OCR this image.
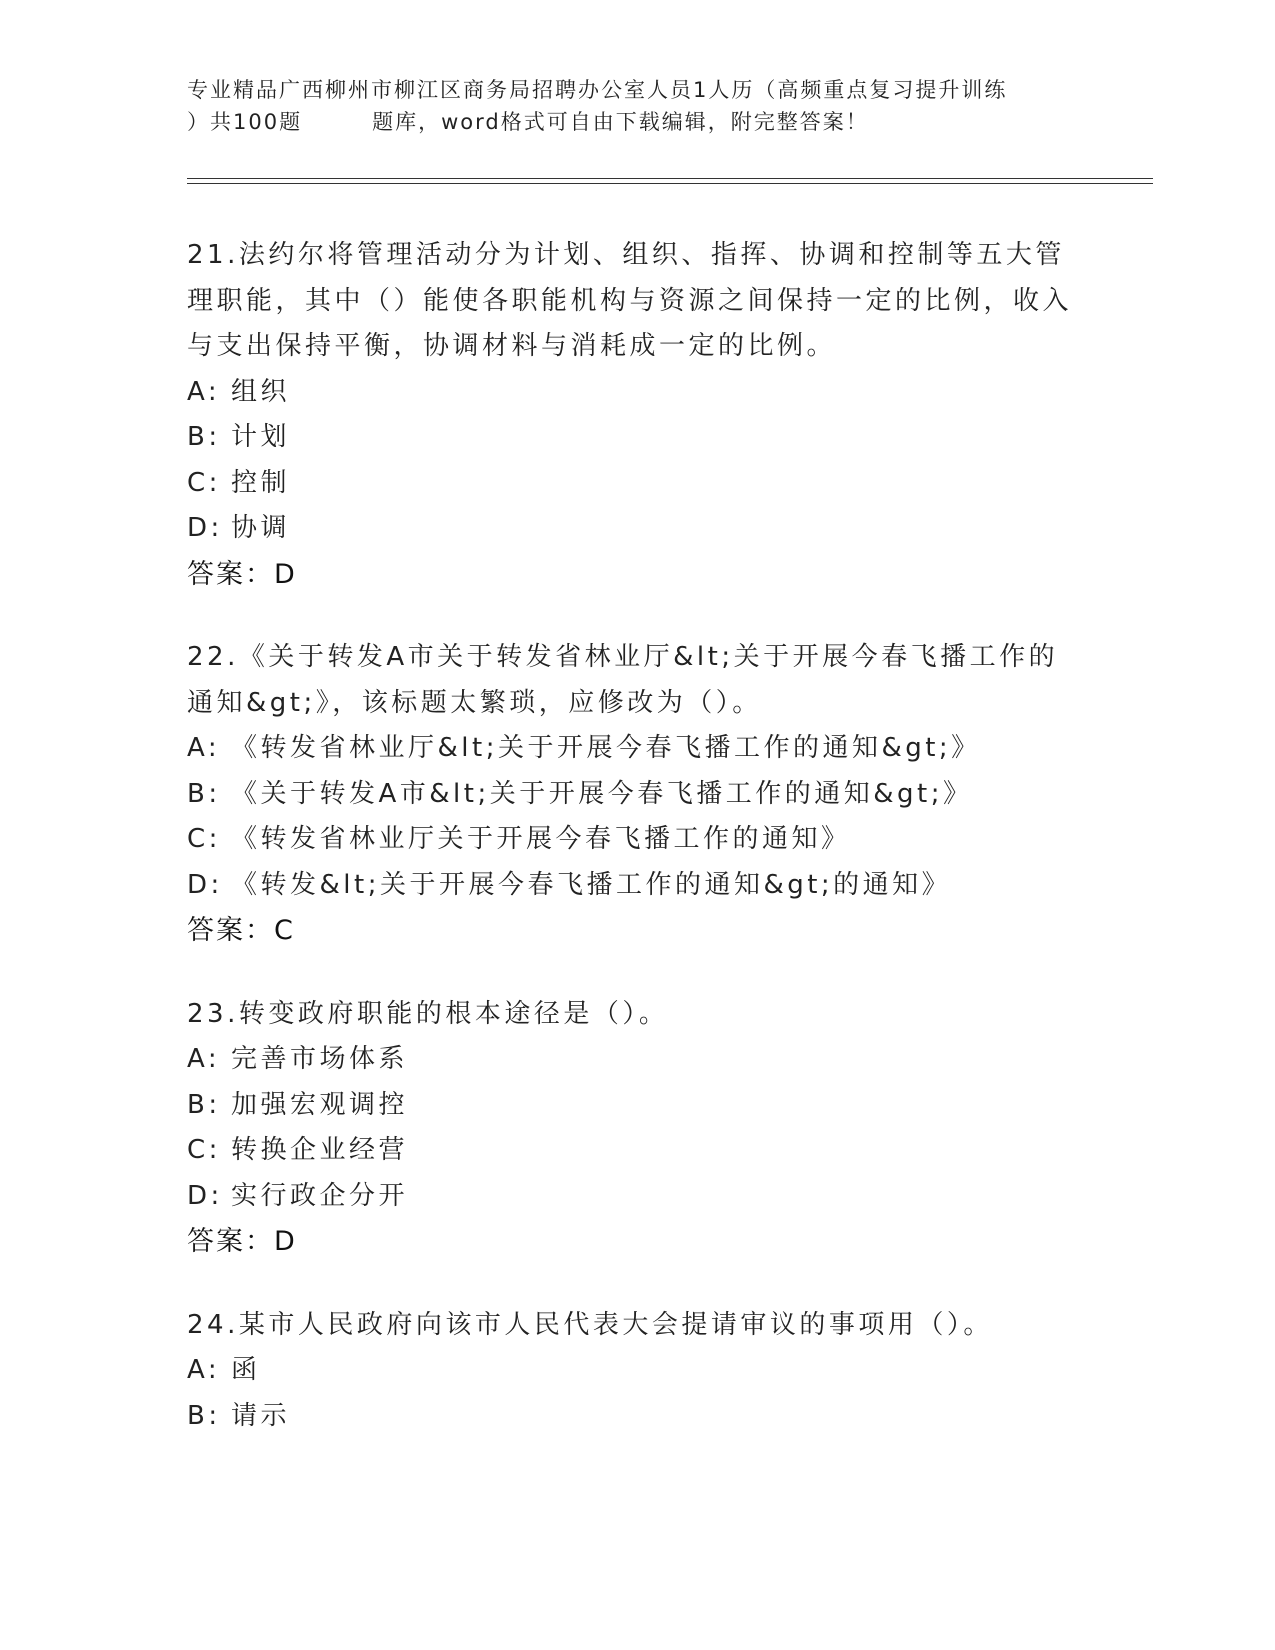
专业精品广西柳州市柳江区商务局招聘办公室人员1人历（高频重点复习提升训练
）共100题	题库，word格式可自由下载编辑，附完整答案！
21.法约尔将管理活动分为计划、组织、指挥、协调和控制等五大管理职能，其中（）能使各职能机构与资源之间保持一定的比例，收入与支出保持平衡，协调材料与消耗成一定的比例。
A: 组织
B: 计划
C: 控制
D: 协调
答案：D
22.《关于转发A市关于转发省林业厅&lt;关于开展今春飞播工作的通知&gt;》，该标题太繁琐，应修改为（）。
A: 《转发省林业厅&lt;关于开展今春飞播工作的通知&gt;》
B: 《关于转发A市&lt;关于开展今春飞播工作的通知&gt;》
C: 《转发省林业厅关于开展今春飞播工作的通知》
D: 《转发&lt;关于开展今春飞播工作的通知&gt;的通知》
答案：C
23.转变政府职能的根本途径是（）。
A: 完善市场体系
B: 加强宏观调控
C: 转换企业经营
D: 实行政企分开
答案：D
24.某市人民政府向该市人民代表大会提请审议的事项用（）。
A: 函
B: 请示
